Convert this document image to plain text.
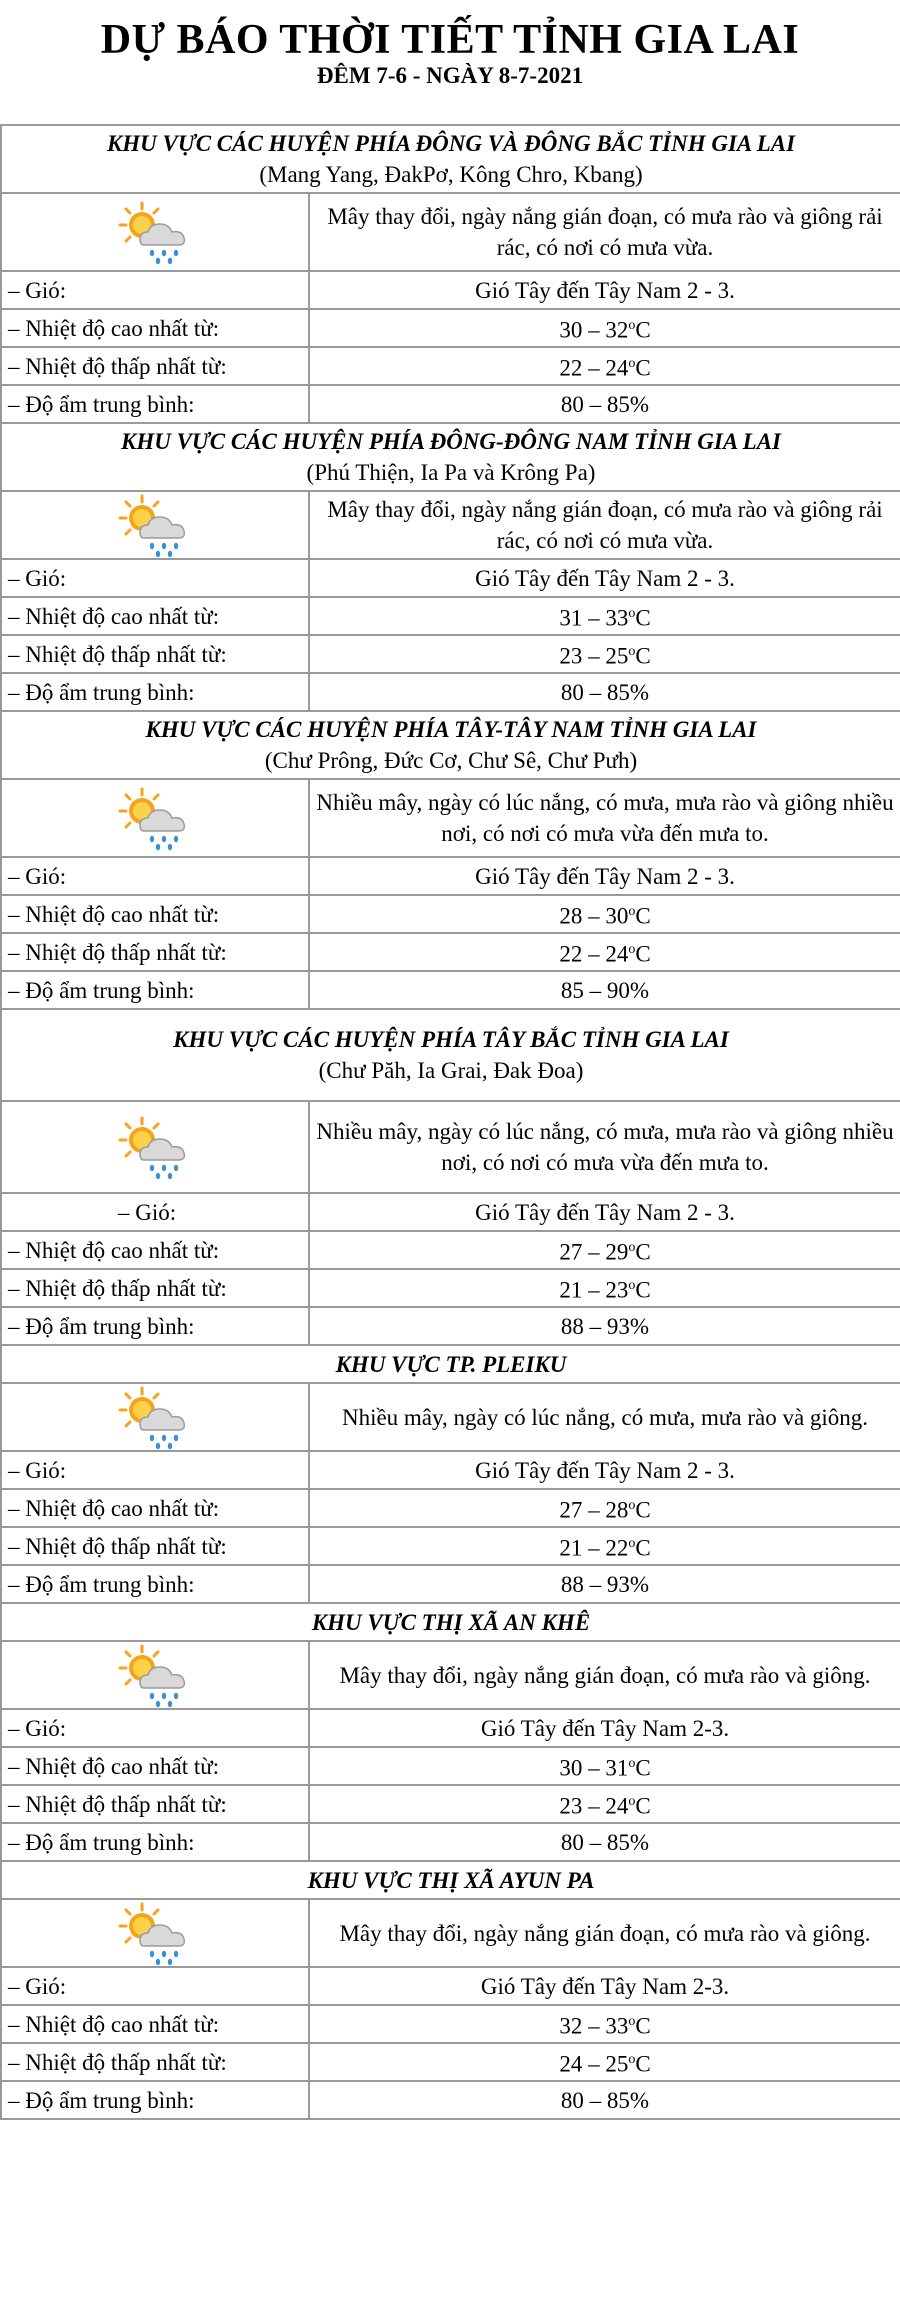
DỰ BÁO THỜI TIẾT TỈNH GIA LAI
ĐÊM 7-6 - NGÀY 8-7-2021
KHU VỰC CÁC HUYỆN PHÍA ĐÔNG VÀ ĐÔNG BẮC TỈNH GIA LAI
(Mang Yang, ĐakPơ, Kông Chro, Kbang)	

	Mây thay đổi, ngày nắng gián đoạn, có mưa rào và giông rải rác, có nơi có mưa vừa.
– Gió:	Gió Tây đến Tây Nam 2 - 3.
– Nhiệt độ cao nhất từ:	30 – 32$^o$C
– Nhiệt độ thấp nhất từ:	22 – 24$^o$C
– Độ ẩm trung bình:	80 – 85%

KHU VỰC CÁC HUYỆN PHÍA ĐÔNG-ĐÔNG NAM TỈNH GIA LAI
(Phú Thiện, Ia Pa và Krông Pa)	

	Mây thay đổi, ngày nắng gián đoạn, có mưa rào và giông rải rác, có nơi có mưa vừa.
– Gió:	Gió Tây đến Tây Nam 2 - 3.
– Nhiệt độ cao nhất từ:	31 – 33$^o$C
– Nhiệt độ thấp nhất từ:	23 – 25$^o$C
– Độ ẩm trung bình:	80 – 85%

KHU VỰC CÁC HUYỆN PHÍA TÂY-TÂY NAM TỈNH GIA LAI
(Chư Prông, Đức Cơ, Chư Sê, Chư Pưh)	

	Nhiều mây, ngày có lúc nắng, có mưa, mưa rào và giông nhiều nơi, có nơi có mưa vừa đến mưa to.
– Gió:	Gió Tây đến Tây Nam 2 - 3.
– Nhiệt độ cao nhất từ:	28 – 30$^o$C
– Nhiệt độ thấp nhất từ:	22 – 24$^o$C
– Độ ẩm trung bình:	85 – 90%

KHU VỰC CÁC HUYỆN PHÍA TÂY BẮC TỈNH GIA LAI
(Chư Păh, Ia Grai, Đak Đoa)	

	Nhiều mây, ngày có lúc nắng, có mưa, mưa rào và giông nhiều nơi, có nơi có mưa vừa đến mưa to.
– Gió:	Gió Tây đến Tây Nam 2 - 3.
– Nhiệt độ cao nhất từ:	27 – 29$^o$C
– Nhiệt độ thấp nhất từ:	21 – 23$^o$C
– Độ ẩm trung bình:	88 – 93%

KHU VỰC TP. PLEIKU	

	Nhiều mây, ngày có lúc nắng, có mưa, mưa rào và giông.
– Gió:	Gió Tây đến Tây Nam 2 - 3.
– Nhiệt độ cao nhất từ:	27 – 28$^o$C
– Nhiệt độ thấp nhất từ:	21 – 22$^o$C
– Độ ẩm trung bình:	88 – 93%

KHU VỰC THỊ XÃ AN KHÊ	

	Mây thay đổi, ngày nắng gián đoạn, có mưa rào và giông.
– Gió:	Gió Tây đến Tây Nam 2-3.
– Nhiệt độ cao nhất từ:	30 – 31$^o$C
– Nhiệt độ thấp nhất từ:	23 – 24$^o$C
– Độ ẩm trung bình:	80 – 85%

KHU VỰC THỊ XÃ AYUN PA	

	Mây thay đổi, ngày nắng gián đoạn, có mưa rào và giông.
– Gió:	Gió Tây đến Tây Nam 2-3.
– Nhiệt độ cao nhất từ:	32 – 33$^o$C
– Nhiệt độ thấp nhất từ:	24 – 25$^o$C
– Độ ẩm trung bình:	80 – 85%
